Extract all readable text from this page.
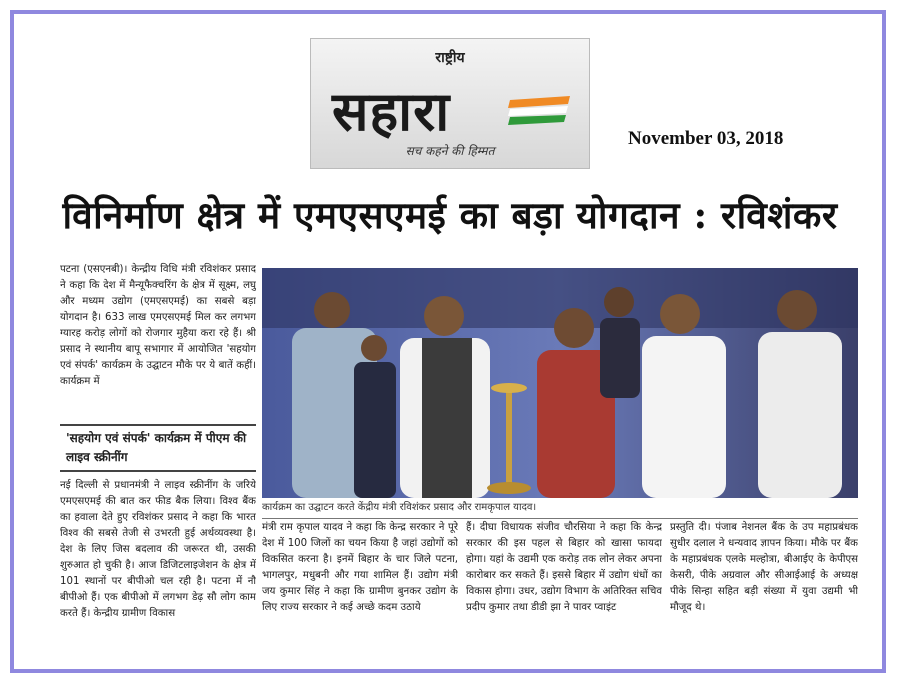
राष्ट्रीय
सहारा
सच कहने की हिम्मत
November 03, 2018
विनिर्माण क्षेत्र में एमएसएमई का बड़ा योगदान : रविशंकर
पटना (एसएनबी)। केन्द्रीय विधि मंत्री रविशंकर प्रसाद ने कहा कि देश में मैन्यूफैक्चरिंग के क्षेत्र में सूक्ष्म, लघु और मध्यम उद्योग (एमएसएमई) का सबसे बड़ा योगदान है। 633 लाख एमएसएमई मिल कर लगभग ग्यारह करोड़ लोगों को रोजगार मुहैया करा रहे हैं। श्री प्रसाद ने स्थानीय बापू सभागार में आयोजित 'सहयोग एवं संपर्क' कार्यक्रम के उद्घाटन मौके पर ये बातें कहीं। कार्यक्रम में
'सहयोग एवं संपर्क' कार्यक्रम में पीएम की लाइव स्क्रीनींग
नई दिल्ली से प्रधानमंत्री ने लाइव स्क्रीनींग के जरिये एमएसएमई की बात कर फीड बैक लिया। विश्व बैंक का हवाला देते हुए रविशंकर प्रसाद ने कहा कि भारत विश्व की सबसे तेजी से उभरती हुई अर्थव्यवस्था है। देश के लिए जिस बदलाव की जरूरत थी, उसकी शुरुआत हो चुकी है। आज डिजिटलाइजेशन के क्षेत्र में 101 स्थानों पर बीपीओ चल रही है। पटना में नौ बीपीओ हैं। एक बीपीओ में लगभग डेढ़ सौ लोग काम करते हैं। केन्द्रीय ग्रामीण विकास
कार्यक्रम का उद्घाटन करते केंद्रीय मंत्री रविशंकर प्रसाद और रामकृपाल यादव।
मंत्री राम कृपाल यादव ने कहा कि केन्द्र सरकार ने पूरे देश में 100 जिलों का चयन किया है जहां उद्योगों को विकसित करना है। इनमें बिहार के चार जिले पटना, भागलपुर, मधुबनी और गया शामिल हैं। उद्योग मंत्री जय कुमार सिंह ने कहा कि ग्रामीण बुनकर उद्योग के लिए राज्य सरकार ने कई अच्छे कदम उठाये
हैं। दीघा विधायक संजीव चौरसिया ने कहा कि केन्द्र सरकार की इस पहल से बिहार को खासा फायदा होगा। यहां के उद्यमी एक करोड़ तक लोन लेकर अपना कारोबार कर सकते हैं। इससे बिहार में उद्योग धंधों का विकास होगा। उधर, उद्योग विभाग के अतिरिक्त सचिव प्रदीप कुमार तथा डीडी झा ने पावर प्वाइंट
प्रस्तुति दी। पंजाब नेशनल बैंक के उप महाप्रबंधक सुधीर दलाल ने धन्यवाद ज्ञापन किया। मौके पर बैंक के महाप्रबंधक एलके मल्होत्रा, बीआईए के केपीएस केसरी, पीके अग्रवाल और सीआईआई के अध्यक्ष पीके सिन्हा सहित बड़ी संख्या में युवा उद्यमी भी मौजूद थे।
